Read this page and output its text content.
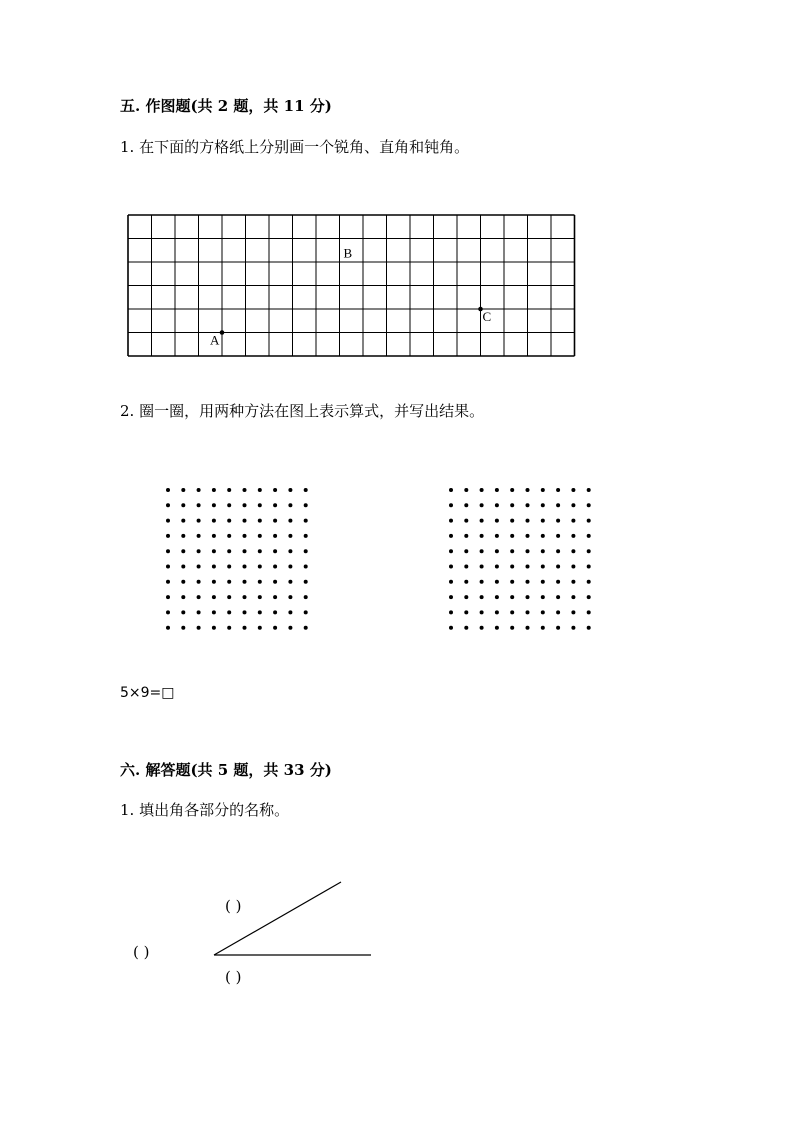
五. 作图题(共 2 题，共 11 分)
1. 在下面的方格纸上分别画一个锐角、直角和钝角。
A
B
C
2. 圈一圈，用两种方法在图上表示算式，并写出结果。
5×9=□
六. 解答题(共 5 题，共 33 分)
1. 填出角各部分的名称。
( )
( )
( )
